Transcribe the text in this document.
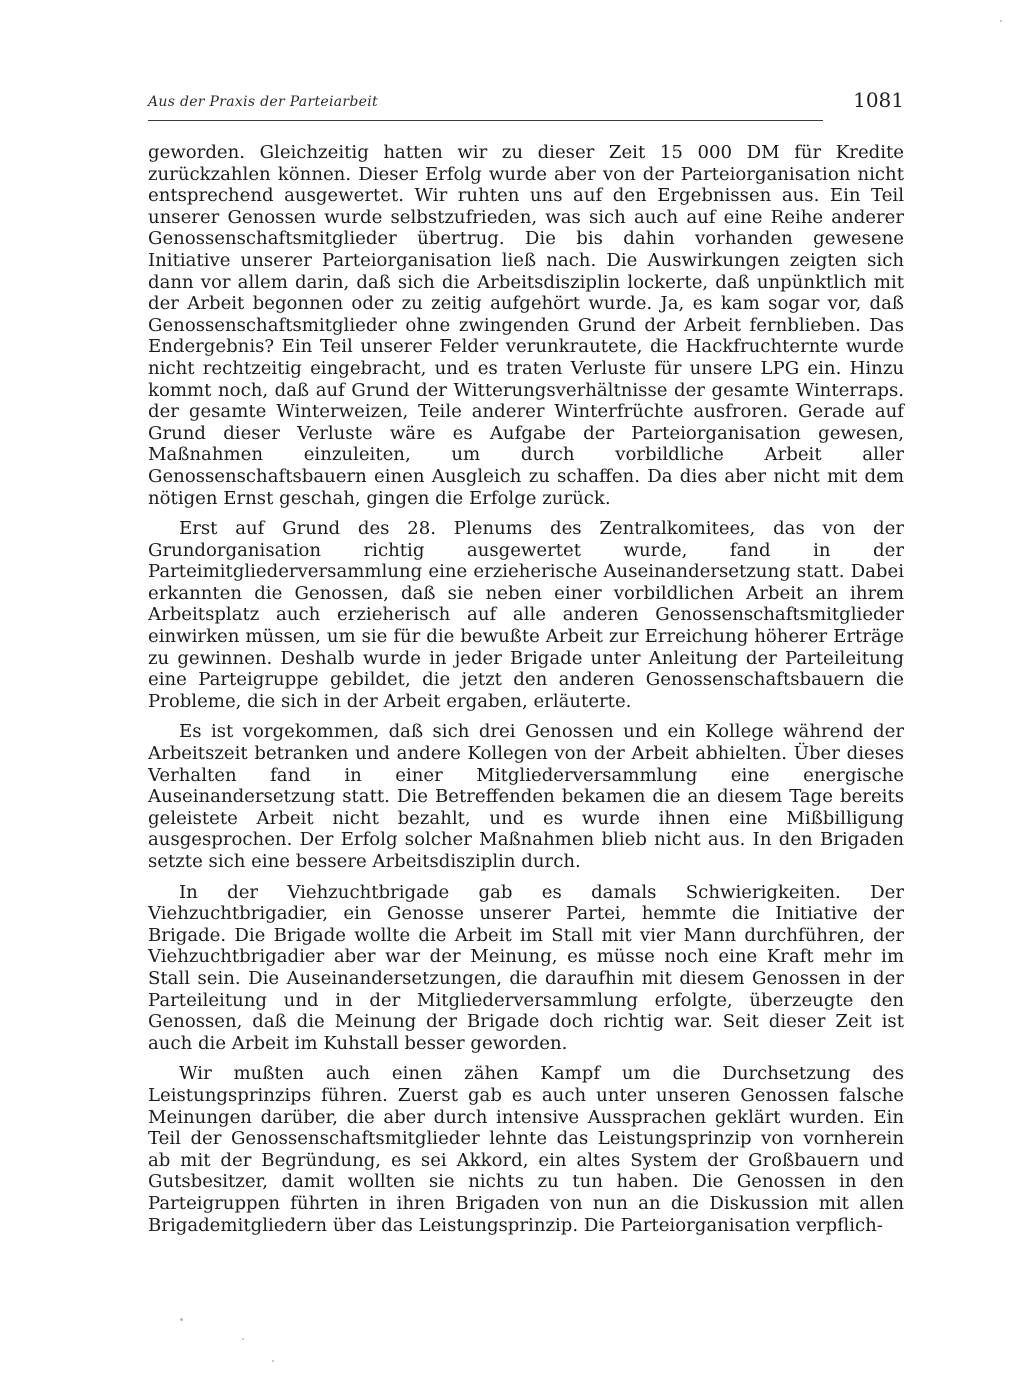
Aus der Praxis der Parteiarbeit	1081

geworden. Gleichzeitig hatten wir zu dieser Zeit 15 000 DM für Kredite zurückzahlen können. Dieser Erfolg wurde aber von der Parteiorganisation nicht entsprechend ausgewertet. Wir ruhten uns auf den Ergebnissen aus. Ein Teil unserer Genossen wurde selbstzufrieden, was sich auch auf eine Reihe anderer Genossenschaftsmitglieder übertrug. Die bis dahin vorhanden gewesene Initiative unserer Parteiorganisation ließ nach. Die Auswirkungen zeigten sich dann vor allem darin, daß sich die Arbeitsdisziplin lockerte, daß unpünktlich mit der Arbeit begonnen oder zu zeitig aufgehört wurde. Ja, es kam sogar vor, daß Genossenschaftsmitglieder ohne zwingenden Grund der Arbeit fernblieben. Das Endergebnis? Ein Teil unserer Felder verunkrautete, die Hackfruchternte wurde nicht rechtzeitig eingebracht, und es traten Verluste für unsere LPG ein. Hinzu kommt noch, daß auf Grund der Witterungsverhältnisse der gesamte Winterraps. der gesamte Winterweizen, Teile anderer Winterfrüchte ausfroren. Gerade auf Grund dieser Verluste wäre es Aufgabe der Parteiorganisation gewesen, Maßnahmen einzuleiten, um durch vorbildliche Arbeit aller Genossenschaftsbauern einen Ausgleich zu schaffen. Da dies aber nicht mit dem nötigen Ernst geschah, gingen die Erfolge zurück.

Erst auf Grund des 28. Plenums des Zentralkomitees, das von der Grundorganisation richtig ausgewertet wurde, fand in der Parteimitgliederversammlung eine erzieherische Auseinandersetzung statt. Dabei erkannten die Genossen, daß sie neben einer vorbildlichen Arbeit an ihrem Arbeitsplatz auch erzieherisch auf alle anderen Genossenschaftsmitglieder einwirken müssen, um sie für die bewußte Arbeit zur Erreichung höherer Erträge zu gewinnen. Deshalb wurde in jeder Brigade unter Anleitung der Parteileitung eine Parteigruppe gebildet, die jetzt den anderen Genossenschaftsbauern die Probleme, die sich in der Arbeit ergaben, erläuterte.

Es ist vorgekommen, daß sich drei Genossen und ein Kollege während der Arbeitszeit betranken und andere Kollegen von der Arbeit abhielten. Über dieses Verhalten fand in einer Mitgliederversammlung eine energische Auseinandersetzung statt. Die Betreffenden bekamen die an diesem Tage bereits geleistete Arbeit nicht bezahlt, und es wurde ihnen eine Mißbilligung ausgesprochen. Der Erfolg solcher Maßnahmen blieb nicht aus. In den Brigaden setzte sich eine bessere Arbeitsdisziplin durch.

In der Viehzuchtbrigade gab es damals Schwierigkeiten. Der Viehzuchtbrigadier, ein Genosse unserer Partei, hemmte die Initiative der Brigade. Die Brigade wollte die Arbeit im Stall mit vier Mann durchführen, der Viehzuchtbrigadier aber war der Meinung, es müsse noch eine Kraft mehr im Stall sein. Die Auseinandersetzungen, die daraufhin mit diesem Genossen in der Parteileitung und in der Mitgliederversammlung erfolgte, überzeugte den Genossen, daß die Meinung der Brigade doch richtig war. Seit dieser Zeit ist auch die Arbeit im Kuhstall besser geworden.

Wir mußten auch einen zähen Kampf um die Durchsetzung des Leistungsprinzips führen. Zuerst gab es auch unter unseren Genossen falsche Meinungen darüber, die aber durch intensive Aussprachen geklärt wurden. Ein Teil der Genossenschaftsmitglieder lehnte das Leistungsprinzip von vornherein ab mit der Begründung, es sei Akkord, ein altes System der Großbauern und Gutsbesitzer, damit wollten sie nichts zu tun haben. Die Genossen in den Parteigruppen führten in ihren Brigaden von nun an die Diskussion mit allen Brigademitgliedern über das Leistungsprinzip. Die Parteiorganisation verpflich-
